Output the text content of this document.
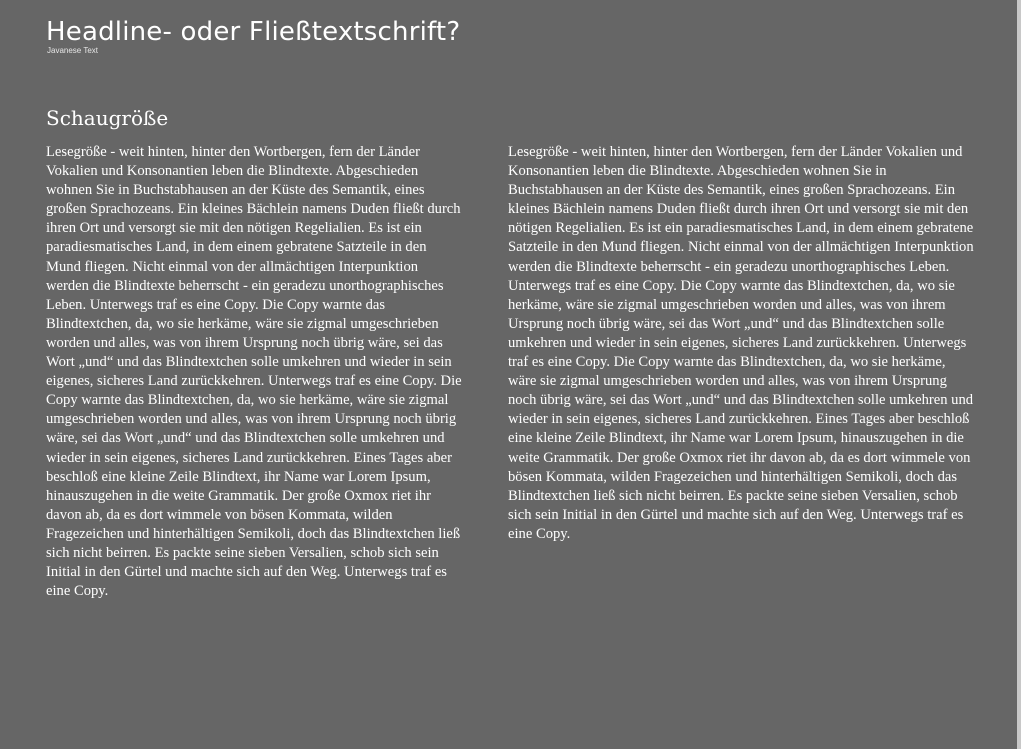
Headline- oder Fließtextschrift?
Javanese Text
Schaugröße

Lesegröße - weit hinten, hinter den Wortbergen, fern der Länder Vokalien und Konsonantien leben die Blindtexte. Abgeschieden wohnen Sie in Buchstabhausen an der Küste des Semantik, eines großen Sprachozeans. Ein kleines Bächlein namens Duden fließt durch ihren Ort und versorgt sie mit den nötigen Regelialien. Es ist ein paradiesmatisches Land, in dem einem gebratene Satzteile in den Mund fliegen. Nicht einmal von der allmächtigen Interpunktion werden die Blindtexte beherrscht - ein geradezu unorthographisches Leben. Unterwegs traf es eine Copy. Die Copy warnte das Blindtextchen, da, wo sie herkäme, wäre sie zigmal umgeschrieben worden und alles, was von ihrem Ursprung noch übrig wäre, sei das Wort „und“ und das Blindtextchen solle umkehren und wieder in sein eigenes, sicheres Land zurückkehren. Unterwegs traf es eine Copy. Die Copy warnte das Blindtextchen, da, wo sie herkäme, wäre sie zigmal umgeschrieben worden und alles, was von ihrem Ursprung noch übrig wäre, sei das Wort „und“ und das Blindtextchen solle umkehren und wieder in sein eigenes, sicheres Land zurückkehren. Eines Tages aber beschloß eine kleine Zeile Blindtext, ihr Name war Lorem Ipsum, hinauszugehen in die weite Grammatik. Der große Oxmox riet ihr davon ab, da es dort wimmele von bösen Kommata, wilden Fragezeichen und hinterhältigen Semikoli, doch das Blindtextchen ließ sich nicht beirren. Es packte seine sieben Versalien, schob sich sein Initial in den Gürtel und machte sich auf den Weg. Unterwegs traf es eine Copy.

Lesegröße - weit hinten, hinter den Wortbergen, fern der Länder Vokalien und Konsonantien leben die Blindtexte. Abgeschieden wohnen Sie in Buchstabhausen an der Küste des Semantik, eines großen Sprachozeans. Ein kleines Bächlein namens Duden fließt durch ihren Ort und versorgt sie mit den nötigen Regelialien. Es ist ein paradiesmatisches Land, in dem einem gebratene Satzteile in den Mund fliegen. Nicht einmal von der allmächtigen Interpunktion werden die Blindtexte beherrscht - ein geradezu unorthographisches Leben. Unterwegs traf es eine Copy. Die Copy warnte das Blindtextchen, da, wo sie herkäme, wäre sie zigmal umgeschrieben worden und alles, was von ihrem Ursprung noch übrig wäre, sei das Wort „und“ und das Blindtextchen solle umkehren und wieder in sein eigenes, sicheres Land zurückkehren. Unterwegs traf es eine Copy. Die Copy warnte das Blindtextchen, da, wo sie herkäme, wäre sie zigmal umgeschrieben worden und alles, was von ihrem Ursprung noch übrig wäre, sei das Wort „und“ und das Blindtextchen solle umkehren und wieder in sein eigenes, sicheres Land zurückkehren. Eines Tages aber beschloß eine kleine Zeile Blindtext, ihr Name war Lorem Ipsum, hinauszugehen in die weite Grammatik. Der große Oxmox riet ihr davon ab, da es dort wimmele von bösen Kommata, wilden Fragezeichen und hinterhältigen Semikoli, doch das Blindtextchen ließ sich nicht beirren. Es packte seine sieben Versalien, schob sich sein Initial in den Gürtel und machte sich auf den Weg. Unterwegs traf es eine Copy.
